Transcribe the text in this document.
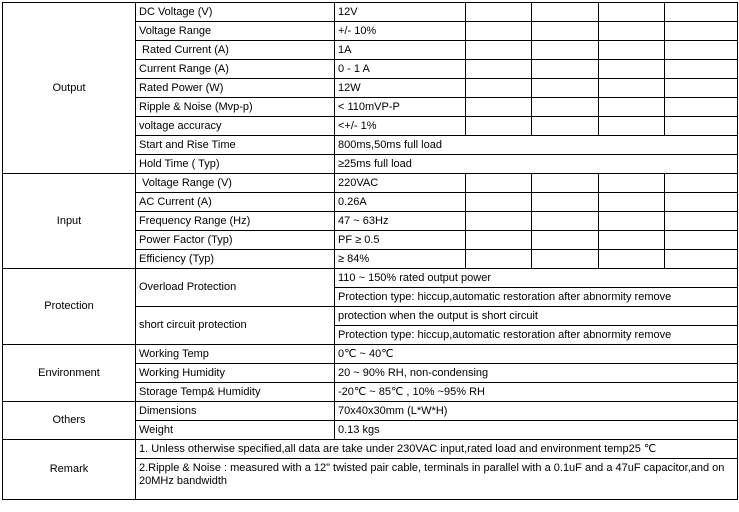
Output	DC Voltage (V)	12V				
	Voltage Range	+/- 10%				
	Rated Current (A)	1A				
	Current Range (A)	0 - 1 A				
	Rated Power (W)	12W				
	Ripple & Noise (Mvp-p)	< 110mVP-P				
	voltage accuracy	<+/- 1%				
	Start and Rise Time	800ms,50ms full load				
	Hold Time ( Typ)	≥25ms full load				
Input	Voltage Range (V)	220VAC				
	AC Current (A)	0.26A				
	Frequency Range (Hz)	47 ~ 63Hz				
	Power Factor (Typ)	PF ≥ 0.5				
	Efficiency (Typ)	≥ 84%				
Protection	Overload Protection	110 ~ 150% rated output power				
		Protection type: hiccup,automatic restoration after abnormity remove				
	short circuit protection	protection when the output is short circuit				
		Protection type: hiccup,automatic restoration after abnormity remove				
Environment	Working Temp	0℃ ~ 40℃				
	Working Humidity	20 ~ 90% RH, non-condensing				
	Storage Temp& Humidity	-20℃ ~ 85℃ , 10% ~95% RH				
Others	Dimensions	70x40x30mm (L*W*H)				
	Weight	0.13 kgs				
Remark	1. Unless otherwise specified,all data are take under 230VAC input,rated load and environment temp25 ℃					
	2.Ripple & Noise : measured with a 12" twisted pair cable, terminals in parallel with a 0.1uF and a 47uF capacitor,and on 20MHz bandwidth					
